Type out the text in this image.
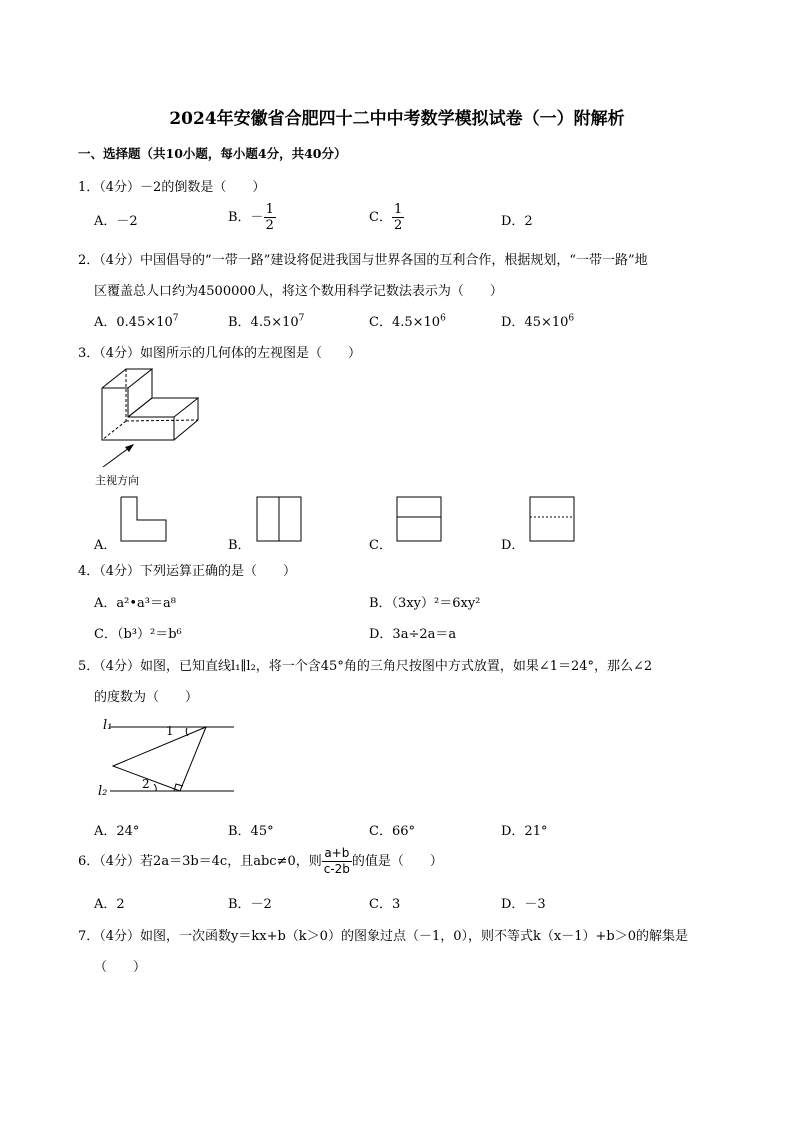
2024年安徽省合肥四十二中中考数学模拟试卷（一）附解析
一、选择题（共10小题，每小题4分，共40分）
1．（4分）－2的倒数是（　　）
A．－2	B．－ $\frac{1}{2}$	C． $\frac{1}{2}$	D．2
2．（4分）中国倡导的“一带一路”建设将促进我国与世界各国的互利合作，根据规划，“一带一路”地
区覆盖总人口约为4500000人，将这个数用科学记数法表示为（　　）
A．$0.45\times 10^7$	B．$4.5\times 10^7$	C．$4.5\times 10^6$	D．$45\times 10^6$
3．（4分）如图所示的几何体的左视图是（　　）
主视方向
A．	B．	C．	D．
4．（4分）下列运算正确的是（　　）
A．a²•a³＝a⁸	B．（3xy）²＝6xy²
C．（b³）²＝b⁶	D．3a÷2a＝a
5．（4分）如图，已知直线l₁∥l₂，将一个含45°角的三角尺按图中方式放置，如果∠1＝24°，那么∠2
的度数为（　　）
l₁
l₂
1
2
A．24°	B．45°	C．66°	D．21°
6．（4分）若2a＝3b＝4c，且abc≠0，则 $\frac{a+b}{c-2b}$ 的值是（　　）
A．2	B．－2	C．3	D．－3
7．（4分）如图，一次函数y＝kx+b（k＞0）的图象过点（－1，0），则不等式k（x－1）+b＞0的解集是
（　　）
